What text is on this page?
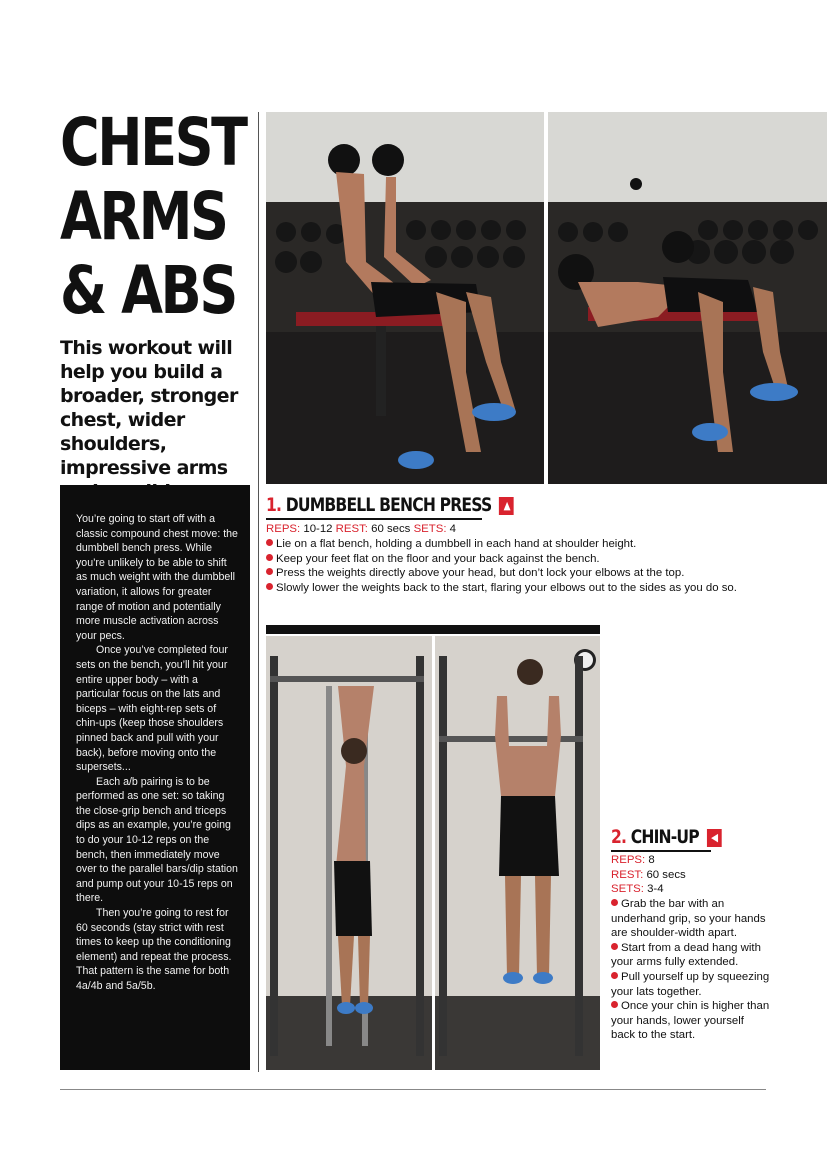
CHEST
ARMS
& ABS
This workout will help you build a broader, stronger chest, wider shoulders, impressive arms

You’re going to start off with a classic compound chest move: the dumbbell bench press. While you’re unlikely to be able to shift as much weight with the dumbbell variation, it allows for greater range of motion and potentially more muscle activation across your pecs.

Once you’ve completed four sets on the bench, you’ll hit your entire upper body – with a particular focus on the lats and biceps – with eight-rep sets of chin-ups (keep those shoulders pinned back and pull with your back), before moving onto the supersets...

Each a/b pairing is to be performed as one set: so taking the close-grip bench and triceps dips as an example, you’re going to do your 10-12 reps on the bench, then immediately move over to the parallel bars/dip station and pump out your 10-15 reps on there.

Then you’re going to rest for 60 seconds (stay strict with rest times to keep up the conditioning element) and repeat the process. That pattern is the same for both 4a/4b and 5a/5b.

1. DUMBBELL BENCH PRESS ▲
REPS: 10-12 REST: 60 secs SETS: 4
Lie on a flat bench, holding a dumbbell in each hand at shoulder height.
Keep your feet flat on the floor and your back against the bench.
Press the weights directly above your head, but don’t lock your elbows at the top.
Slowly lower the weights back to the start, flaring your elbows out to the sides as you do so.
2. CHIN-UP ◀
REPS: 8
REST: 60 secs
SETS: 3-4
Grab the bar with an underhand grip, so your hands are shoulder-width apart.
Start from a dead hang with your arms fully extended.
Pull yourself up by squeezing your lats together.
Once your chin is higher than your hands, lower yourself back to the start.
